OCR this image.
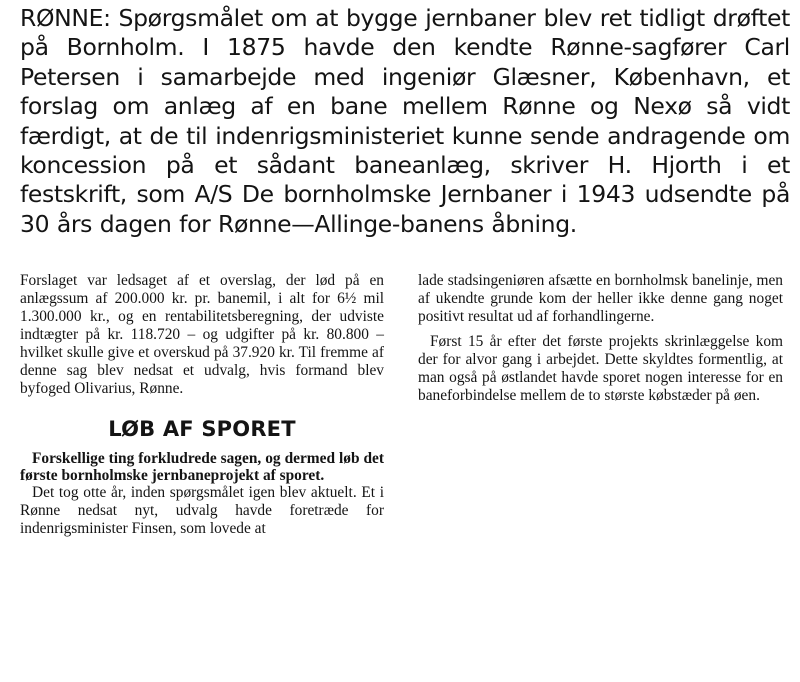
RØNNE: Spørgsmålet om at bygge jernbaner blev ret tidligt drøftet på Bornholm. I 1875 havde den kendte Rønne-sagfører Carl Petersen i samarbejde med ingeniør Glæsner, København, et forslag om anlæg af en bane mellem Rønne og Nexø så vidt færdigt, at de til indenrigsministeriet kunne sende andragende om koncession på et sådant baneanlæg, skriver H. Hjorth i et festskrift, som A/S De bornholmske Jernbaner i 1943 udsendte på 30 års dagen for Rønne—Allinge-banens åbning.

Forslaget var ledsaget af et overslag, der lød på en anlægssum af 200.000 kr. pr. banemil, i alt for 6½ mil 1.300.000 kr., og en rentabilitetsberegning, der udviste indtægter på kr. 118.720 – og udgifter på kr. 80.800 – hvilket skulle give et overskud på 37.920 kr. Til fremme af denne sag blev nedsat et udvalg, hvis formand blev byfoged Olivarius, Rønne.

LØB AF SPORET

Forskellige ting forkludrede sagen, og dermed løb det første bornholmske jernbaneprojekt af sporet.

Det tog otte år, inden spørgsmålet igen blev aktuelt. Et i Rønne nedsat nyt, udvalg havde foretræde for indenrigsminister Finsen, som lovede at

lade stadsingeniøren afsætte en bornholmsk banelinje, men af ukendte grunde kom der heller ikke denne gang noget positivt resultat ud af forhandlingerne.

Først 15 år efter det første projekts skrinlæggelse kom der for alvor gang i arbejdet. Dette skyldtes formentlig, at man også på østlandet havde sporet nogen interesse for en baneforbindelse mellem de to største købstæder på øen.
